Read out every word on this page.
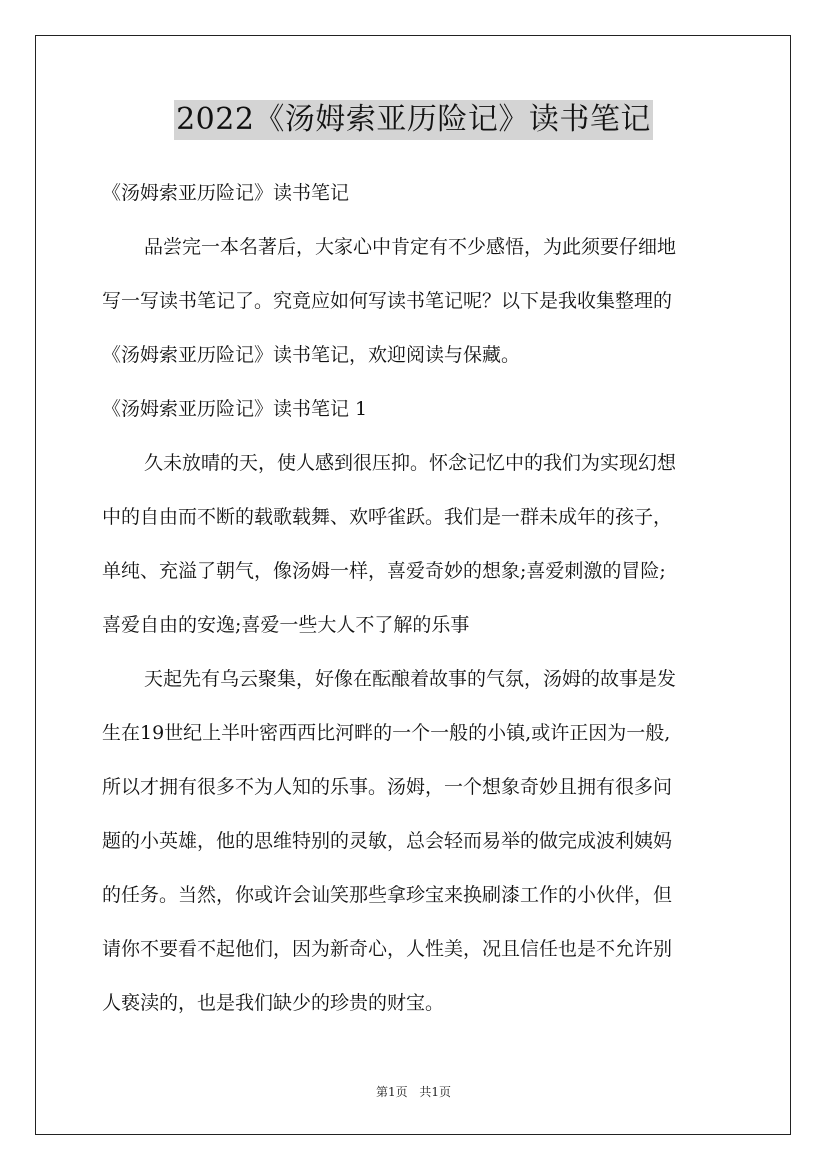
2022《汤姆索亚历险记》读书笔记
《汤姆索亚历险记》读书笔记
品尝完一本名著后，大家心中肯定有不少感悟，为此须要仔细地
写一写读书笔记了。究竟应如何写读书笔记呢？以下是我收集整理的
《汤姆索亚历险记》读书笔记，欢迎阅读与保藏。
《汤姆索亚历险记》读书笔记 1
久未放晴的天，使人感到很压抑。怀念记忆中的我们为实现幻想
中的自由而不断的载歌载舞、欢呼雀跃。我们是一群未成年的孩子，
单纯、充溢了朝气，像汤姆一样，喜爱奇妙的想象;喜爱刺激的冒险;
喜爱自由的安逸;喜爱一些大人不了解的乐事
天起先有乌云聚集，好像在酝酿着故事的气氛，汤姆的故事是发
生在19世纪上半叶密西西比河畔的一个一般的小镇,或许正因为一般,
所以才拥有很多不为人知的乐事。汤姆，一个想象奇妙且拥有很多问
题的小英雄，他的思维特别的灵敏，总会轻而易举的做完成波利姨妈
的任务。当然，你或许会讪笑那些拿珍宝来换刷漆工作的小伙伴，但
请你不要看不起他们，因为新奇心，人性美，况且信任也是不允许别
人亵渎的，也是我们缺少的珍贵的财宝。
第1页 共1页
